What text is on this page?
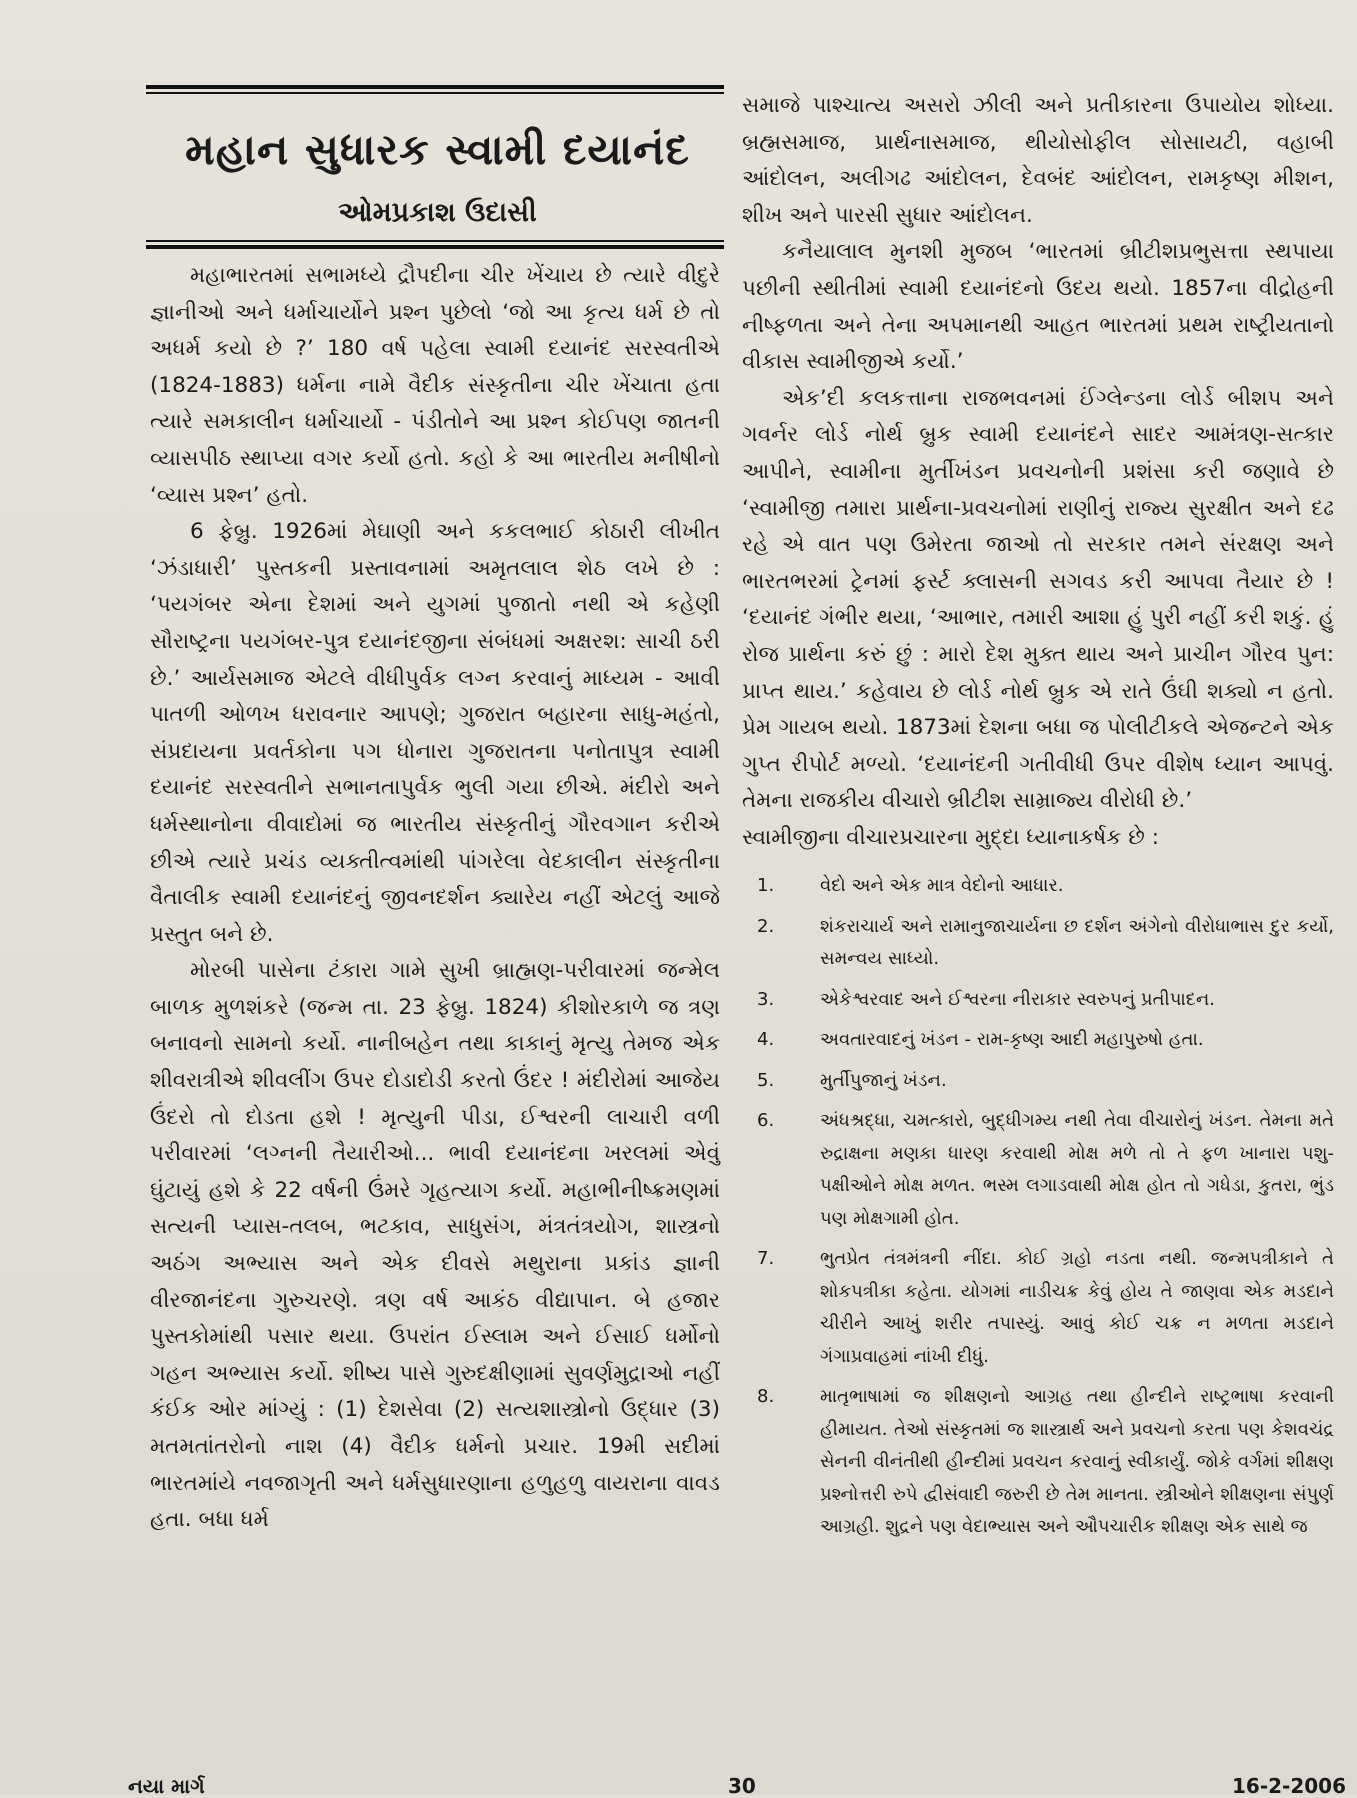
મહાન સુધારક સ્વામી દયાનંદ
ઓમપ્રકાશ ઉદાસી

મહાભારતમાં સભામધ્યે દ્રૌપદીના ચીર ખેંચાય છે ત્યારે વીદુરે જ્ઞાનીઓ અને ધર્માચાર્યોને પ્રશ્ન પુછેલો ‘જો આ કૃત્ય ધર્મ છે તો અધર્મ કયો છે ?’ 180 વર્ષ પહેલા સ્વામી દયાનંદ સરસ્વતીએ (1824-1883) ધર્મના નામે વૈદીક સંસ્કૃતીના ચીર ખેંચાતા હતા ત્યારે સમકાલીન ધર્માચાર્યો - પંડીતોને આ પ્રશ્ન કોઈપણ જાતની વ્યાસપીઠ સ્થાપ્યા વગર કર્યો હતો. કહો કે આ ભારતીય મનીષીનો ‘વ્યાસ પ્રશ્ન’ હતો.

6 ફેબ્રુ. 1926માં મેઘાણી અને કકલભાઈ કોઠારી લીખીત ‘ઝંડાધારી’ પુસ્તકની પ્રસ્તાવનામાં અમૃતલાલ શેઠ લખે છે : ‘પયગંબર એના દેશમાં અને યુગમાં પુજાતો નથી એ કહેણી સૌરાષ્ટ્રના પયગંબર-પુત્ર દયાનંદજીના સંબંધમાં અક્ષરશ: સાચી ઠરી છે.’ આર્યસમાજ એટલે વીધીપુર્વક લગ્ન કરવાનું માધ્યમ - આવી પાતળી ઓળખ ધરાવનાર આપણે; ગુજરાત બહારના સાધુ-મહંતો, સંપ્રદાયના પ્રવર્તકોના પગ ધોનારા ગુજરાતના પનોતાપુત્ર સ્વામી દયાનંદ સરસ્વતીને સભાનતાપુર્વક ભુલી ગયા છીએ. મંદીરો અને ધર્મસ્થાનોના વીવાદોમાં જ ભારતીય સંસ્કૃતીનું ગૌરવગાન કરીએ છીએ ત્યારે પ્રચંડ વ્યક્તીત્વમાંથી પાંગરેલા વેદકાલીન સંસ્કૃતીના વૈતાલીક સ્વામી દયાનંદનું જીવનદર્શન ક્યારેય નહીં એટલું આજે પ્રસ્તુત બને છે.

મોરબી પાસેના ટંકારા ગામે સુખી બ્રાહ્મણ-પરીવારમાં જન્મેલ બાળક મુળશંકરે (જન્મ તા. 23 ફેબ્રુ. 1824) કીશોરકાળે જ ત્રણ બનાવનો સામનો કર્યો. નાનીબહેન તથા કાકાનું મૃત્યુ તેમજ એક શીવરાત્રીએ શીવલીંગ ઉપર દોડાદોડી કરતો ઉંદર ! મંદીરોમાં આજેય ઉંદરો તો દોડતા હશે ! મૃત્યુની પીડા, ઈશ્વરની લાચારી વળી પરીવારમાં ‘લગ્નની તૈયારીઓ... ભાવી દયાનંદના ખરલમાં એવું ઘુંટાયું હશે કે 22 વર્ષની ઉંમરે ગૃહત્યાગ કર્યો. મહાભીનીષ્ક્રમણમાં સત્યની પ્યાસ-તલબ, ભટકાવ, સાધુસંગ, મંત્રતંત્રયોગ, શાસ્ત્રનો અઠંગ અભ્યાસ અને એક દીવસે મથુરાના પ્રકાંડ જ્ઞાની વીરજાનંદના ગુરુચરણે. ત્રણ વર્ષ આકંઠ વીદ્યાપાન. બે હજાર પુસ્તકોમાંથી પસાર થયા. ઉપરાંત ઈસ્લામ અને ઈસાઈ ધર્મોનો ગહન અભ્યાસ કર્યો. શીષ્ય પાસે ગુરુદક્ષીણામાં સુવર્ણમુદ્રાઓ નહીં કંઈક ઓર માંગ્યું : (1) દેશસેવા (2) સત્યશાસ્ત્રોનો ઉદ્ધાર (3) મતમતાંતરોનો નાશ (4) વૈદીક ધર્મનો પ્રચાર. 19મી સદીમાં ભારતમાંયે નવજાગૃતી અને ધર્મસુધારણાના હળુહળુ વાયરાના વાવડ હતા. બધા ધર્મ

સમાજે પાશ્ચાત્ય અસરો ઝીલી અને પ્રતીકારના ઉપાયોય શોધ્યા. બ્રહ્મસમાજ, પ્રાર્થનાસમાજ, થીયોસોફીલ સોસાયટી, વહાબી આંદોલન, અલીગઢ આંદોલન, દેવબંદ આંદોલન, રામકૃષ્ણ મીશન, શીખ અને પારસી સુધાર આંદોલન.

કનૈયાલાલ મુનશી મુજબ ‘ભારતમાં બ્રીટીશપ્રભુસત્તા સ્થપાયા પછીની સ્થીતીમાં સ્વામી દયાનંદનો ઉદય થયો. 1857ના વીદ્રોહની નીષ્ફળતા અને તેના અપમાનથી આહત ભારતમાં પ્રથમ રાષ્ટ્રીયતાનો વીકાસ સ્વામીજીએ કર્યો.’

એક’દી કલકત્તાના રાજભવનમાં ઈંગ્લેન્ડના લોર્ડ બીશપ અને ગવર્નર લોર્ડ નોર્થ બ્રુક સ્વામી દયાનંદને સાદર આમંત્રણ-સત્કાર આપીને, સ્વામીના મુર્તીખંડન પ્રવચનોની પ્રશંસા કરી જણાવે છે ‘સ્વામીજી તમારા પ્રાર્થના-પ્રવચનોમાં રાણીનું રાજ્ય સુરક્ષીત અને દઢ રહે એ વાત પણ ઉમેરતા જાઓ તો સરકાર તમને સંરક્ષણ અને ભારતભરમાં ટ્રેનમાં ફર્સ્ટ ક્લાસની સગવડ કરી આપવા તૈયાર છે ! ‘દયાનંદ ગંભીર થયા, ‘આભાર, તમારી આશા હું પુરી નહીં કરી શકું. હું રોજ પ્રાર્થના કરું છું : મારો દેશ મુક્ત થાય અને પ્રાચીન ગૌરવ પુન: પ્રાપ્ત થાય.’ કહેવાય છે લોર્ડ નોર્થ બ્રુક એ રાતે ઉંઘી શક્યો ન હતો. પ્રેમ ગાયબ થયો. 1873માં દેશના બધા જ પોલીટીકલે એજન્ટને એક ગુપ્ત રીપોર્ટ મળ્યો. ‘દયાનંદની ગતીવીધી ઉપર વીશેષ ધ્યાન આપવું. તેમના રાજકીય વીચારો બ્રીટીશ સામ્રાજ્ય વીરોધી છે.’

સ્વામીજીના વીચારપ્રચારના મુદ્દા ધ્યાનાકર્ષક છે :

1.	વેદો અને એક માત્ર વેદોનો આધાર.
2.	શંકરાચાર્ય અને રામાનુજાચાર્યના છ દર્શન અંગેનો વીરોધાભાસ દુર કર્યો, સમન્વય સાધ્યો.
3.	એકેશ્વરવાદ અને ઈશ્વરના નીરાકાર સ્વરુપનું પ્રતીપાદન.
4.	અવતારવાદનું ખંડન - રામ-કૃષ્ણ આદી મહાપુરુષો હતા.
5.	મુર્તીપુજાનું ખંડન.
6.	અંધશ્રદ્ધા, ચમત્કારો, બુદ્ધીગમ્ય નથી તેવા વીચારોનું ખંડન. તેમના મતે રુદ્રાક્ષના મણકા ધારણ કરવાથી મોક્ષ મળે તો તે ફળ ખાનારા પશુ-પક્ષીઓને મોક્ષ મળત. ભસ્મ લગાડવાથી મોક્ષ હોત તો ગધેડા, કુતરા, ભુંડ પણ મોક્ષગામી હોત.
7.	ભુતપ્રેત તંત્રમંત્રની નીંદા. કોઈ ગ્રહો નડતા નથી. જન્મપત્રીકાને તે શોકપત્રીકા કહેતા. યોગમાં નાડીચક્ર કેવું હોય તે જાણવા એક મડદાને ચીરીને આખું શરીર તપાસ્યું. આવું કોઈ ચક્ર ન મળતા મડદાને ગંગાપ્રવાહમાં નાંખી દીધું.
8.	માતૃભાષામાં જ શીક્ષણનો આગ્રહ તથા હીન્દીને રાષ્ટ્રભાષા કરવાની હીમાયત. તેઓ સંસ્કૃતમાં જ શાસ્ત્રાર્થ અને પ્રવચનો કરતા પણ કેશવચંદ્ર સેનની વીનંતીથી હીન્દીમાં પ્રવચન કરવાનું સ્વીકાર્યું. જોકે વર્ગમાં શીક્ષણ પ્રશ્નોત્તરી રુપે દ્વીસંવાદી જરુરી છે તેમ માનતા. સ્ત્રીઓને શીક્ષણના સંપુર્ણ આગ્રહી. શુદ્રને પણ વેદાભ્યાસ અને ઔપચારીક શીક્ષણ એક સાથે જ
નયા માર્ગ	30	16-2-2006
